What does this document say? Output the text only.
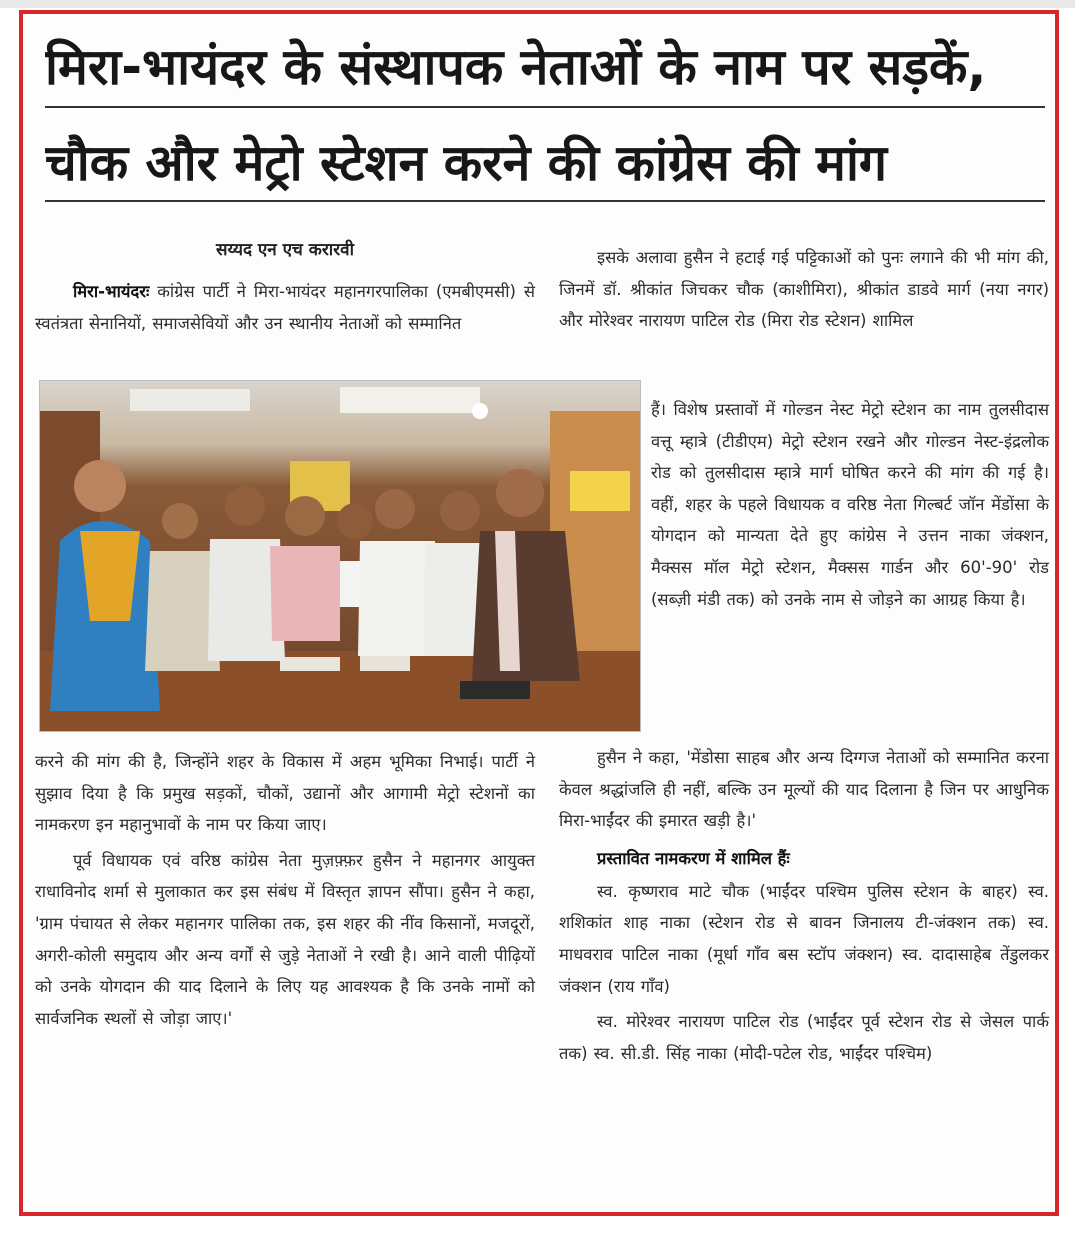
मिरा-भायंदर के संस्थापक नेताओं के नाम पर सड़कें,
चौक और मेट्रो स्टेशन करने की कांग्रेस की मांग
सय्यद एन एच करारवी

मिरा-भायंदरः कांग्रेस पार्टी ने मिरा-भायंदर महानगरपालिका (एमबीएमसी) से स्वतंत्रता सेनानियों, समाजसेवियों और उन स्थानीय नेताओं को सम्मानित

करने की मांग की है, जिन्होंने शहर के विकास में अहम भूमिका निभाई। पार्टी ने सुझाव दिया है कि प्रमुख सड़कों, चौकों, उद्यानों और आगामी मेट्रो स्टेशनों का नामकरण इन महानुभावों के नाम पर किया जाए।

पूर्व विधायक एवं वरिष्ठ कांग्रेस नेता मुज़फ़्फ़र हुसैन ने महानगर आयुक्त राधाविनोद शर्मा से मुलाकात कर इस संबंध में विस्तृत ज्ञापन सौंपा। हुसैन ने कहा, 'ग्राम पंचायत से लेकर महानगर पालिका तक, इस शहर की नींव किसानों, मजदूरों, अगरी-कोली समुदाय और अन्य वर्गों से जुड़े नेताओं ने रखी है। आने वाली पीढ़ियों को उनके योगदान की याद दिलाने के लिए यह आवश्यक है कि उनके नामों को सार्वजनिक स्थलों से जोड़ा जाए।'

इसके अलावा हुसैन ने हटाई गई पट्टिकाओं को पुनः लगाने की भी मांग की, जिनमें डॉ. श्रीकांत जिचकर चौक (काशीमिरा), श्रीकांत डाडवे मार्ग (नया नगर) और मोरेश्वर नारायण पाटिल रोड (मिरा रोड स्टेशन) शामिल

हैं। विशेष प्रस्तावों में गोल्डन नेस्ट मेट्रो स्टेशन का नाम तुलसीदास वत्तू म्हात्रे (टीडीएम) मेट्रो स्टेशन रखने और गोल्डन नेस्ट-इंद्रलोक रोड को तुलसीदास म्हात्रे मार्ग घोषित करने की मांग की गई है। वहीं, शहर के पहले विधायक व वरिष्ठ नेता गिल्बर्ट जॉन मेंडोंसा के योगदान को मान्यता देते हुए कांग्रेस ने उत्तन नाका जंक्शन, मैक्सस मॉल मेट्रो स्टेशन, मैक्सस गार्डन और 60'-90' रोड (सब्ज़ी मंडी तक) को उनके नाम से जोड़ने का आग्रह किया है।

हुसैन ने कहा, 'मेंडोसा साहब और अन्य दिग्गज नेताओं को सम्मानित करना केवल श्रद्धांजलि ही नहीं, बल्कि उन मूल्यों की याद दिलाना है जिन पर आधुनिक मिरा-भाईंदर की इमारत खड़ी है।'

प्रस्तावित नामकरण में शामिल हैंः

स्व. कृष्णराव माटे चौक (भाईंदर पश्चिम पुलिस स्टेशन के बाहर) स्व. शशिकांत शाह नाका (स्टेशन रोड से बावन जिनालय टी-जंक्शन तक) स्व. माधवराव पाटिल नाका (मूर्धा गाँव बस स्टॉप जंक्शन) स्व. दादासाहेब तेंडुलकर जंक्शन (राय गाँव)

स्व. मोरेश्वर नारायण पाटिल रोड (भाईंदर पूर्व स्टेशन रोड से जेसल पार्क तक) स्व. सी.डी. सिंह नाका (मोदी-पटेल रोड, भाईंदर पश्चिम)
